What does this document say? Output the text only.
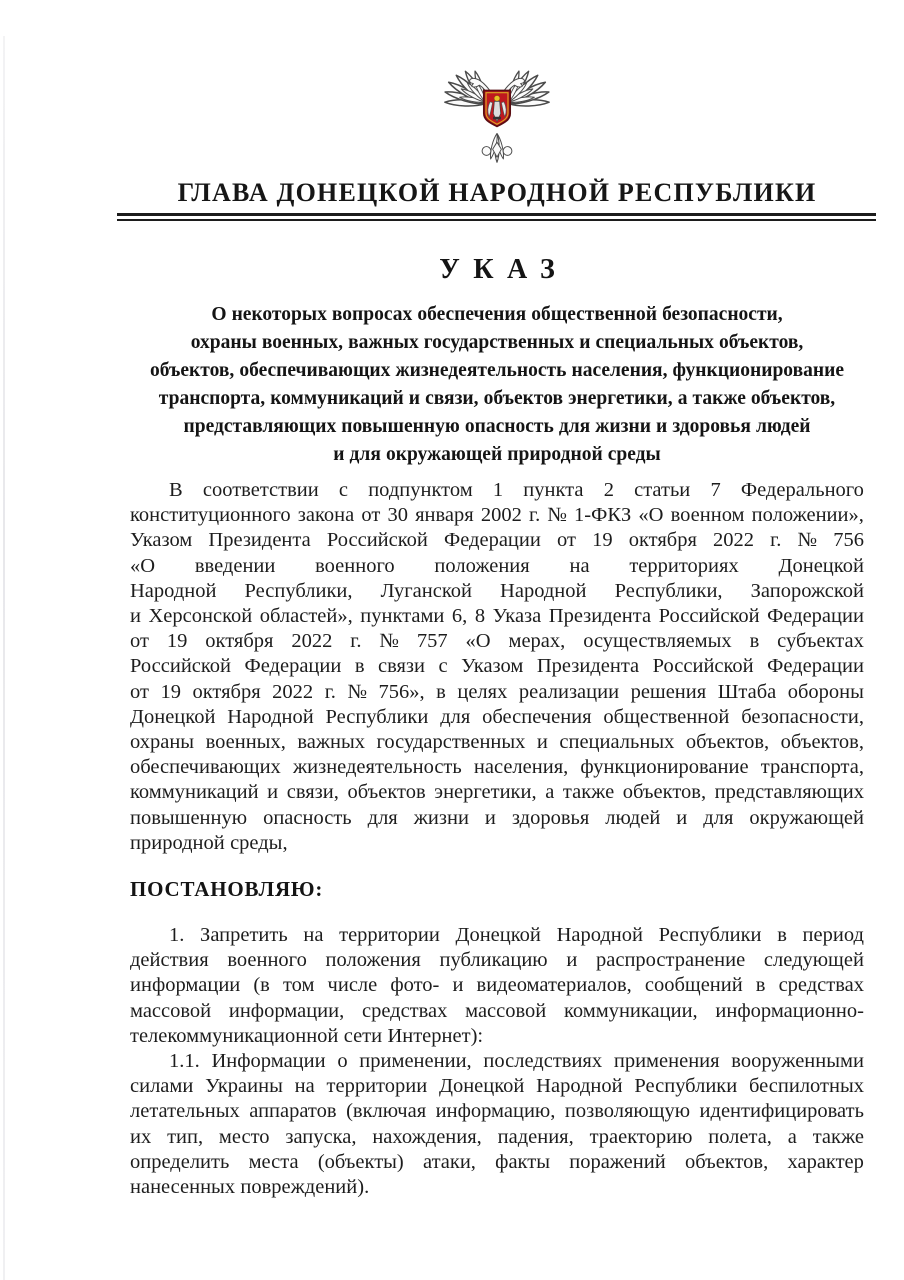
ГЛАВА ДОНЕЦКОЙ НАРОДНОЙ РЕСПУБЛИКИ
УКАЗ
О некоторых вопросах обеспечения общественной безопасности,
охраны военных, важных государственных и специальных объектов,
объектов, обеспечивающих жизнедеятельность населения, функционирование
транспорта, коммуникаций и связи, объектов энергетики, а также объектов,
представляющих повышенную опасность для жизни и здоровья людей
и для окружающей природной среды
В соответствии с подпунктом 1 пункта 2 статьи 7 Федерального
конституционного закона от 30 января 2002 г. № 1-ФКЗ «О военном положении»,
Указом Президента Российской Федерации от 19 октября 2022 г. № 756
«О введении военного положения на территориях Донецкой
Народной Республики, Луганской Народной Республики, Запорожской
и Херсонской областей», пунктами 6, 8 Указа Президента Российской Федерации
от 19 октября 2022 г. № 757 «О мерах, осуществляемых в субъектах
Российской Федерации в связи с Указом Президента Российской Федерации
от 19 октября 2022 г. № 756», в целях реализации решения Штаба обороны
Донецкой Народной Республики для обеспечения общественной безопасности,
охраны военных, важных государственных и специальных объектов, объектов,
обеспечивающих жизнедеятельность населения, функционирование транспорта,
коммуникаций и связи, объектов энергетики, а также объектов, представляющих
повышенную опасность для жизни и здоровья людей и для окружающей
природной среды,
ПОСТАНОВЛЯЮ:
1. Запретить на территории Донецкой Народной Республики в период
действия военного положения публикацию и распространение следующей
информации (в том числе фото- и видеоматериалов, сообщений в средствах
массовой информации, средствах массовой коммуникации, информационно-
телекоммуникационной сети Интернет):
1.1. Информации о применении, последствиях применения вооруженными
силами Украины на территории Донецкой Народной Республики беспилотных
летательных аппаратов (включая информацию, позволяющую идентифицировать
их тип, место запуска, нахождения, падения, траекторию полета, а также
определить места (объекты) атаки, факты поражений объектов, характер
нанесенных повреждений).
